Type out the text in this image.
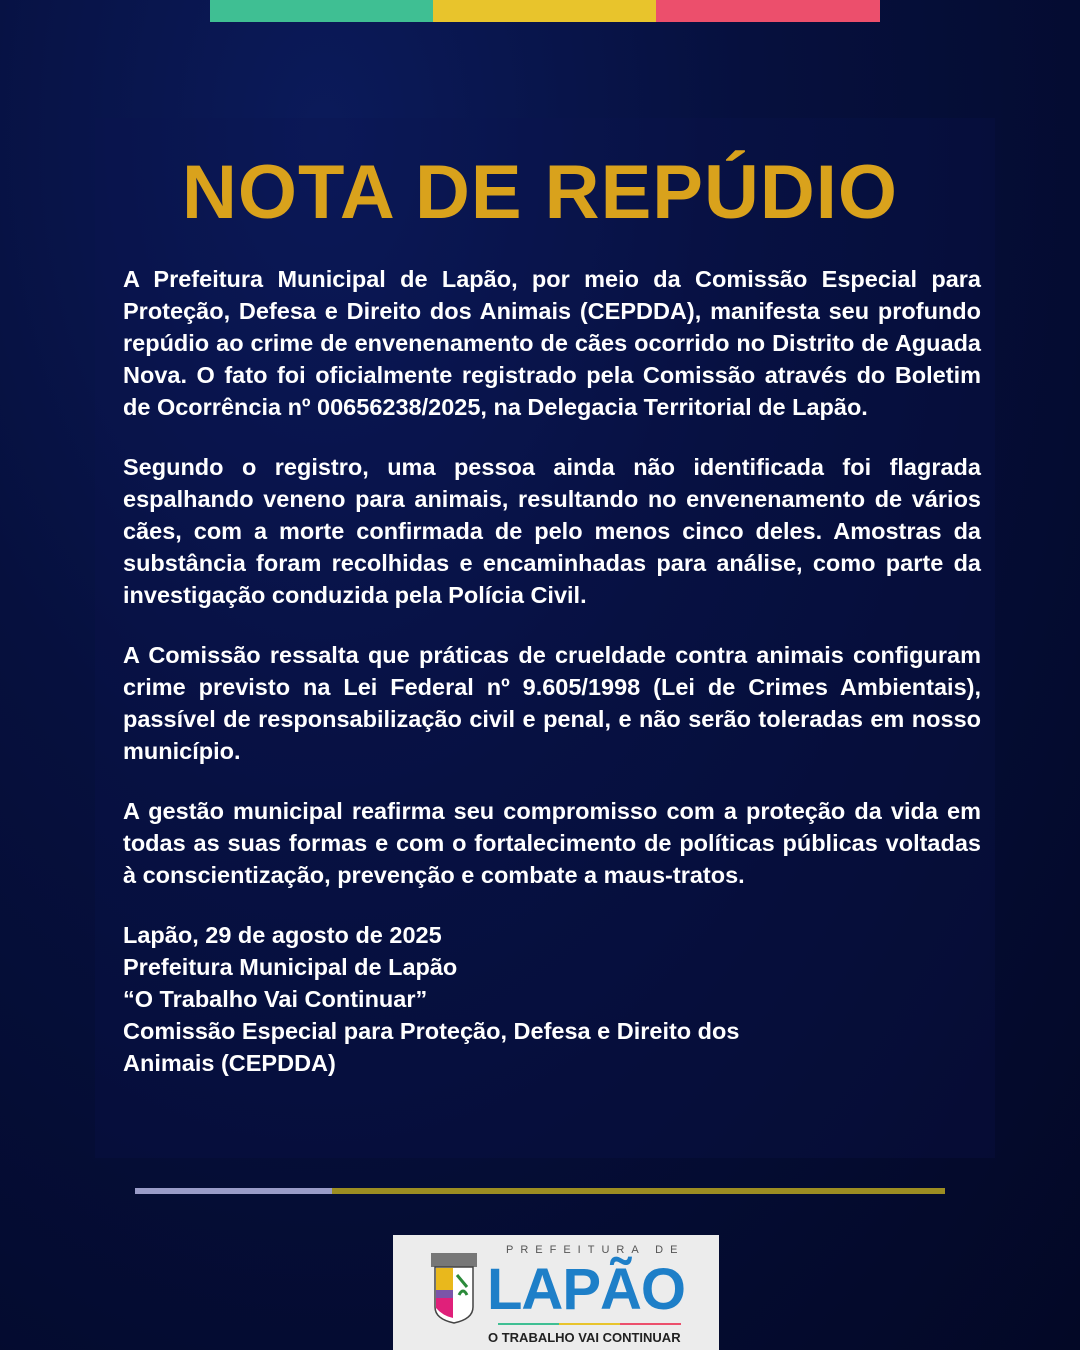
NOTA DE REPÚDIO

A Prefeitura Municipal de Lapão, por meio da Comissão Especial para Proteção, Defesa e Direito dos Animais (CEPDDA), manifesta seu profundo repúdio ao crime de envenenamento de cães ocorrido no Distrito de Aguada Nova. O fato foi oficialmente registrado pela Comissão através do Boletim de Ocorrência nº 00656238/2025, na Delegacia Territorial de Lapão.

Segundo o registro, uma pessoa ainda não identificada foi flagrada espalhando veneno para animais, resultando no envenenamento de vários cães, com a morte confirmada de pelo menos cinco deles. Amostras da substância foram recolhidas e encaminhadas para análise, como parte da investigação conduzida pela Polícia Civil.

A Comissão ressalta que práticas de crueldade contra animais configuram crime previsto na Lei Federal nº 9.605/1998 (Lei de Crimes Ambientais), passível de responsabilização civil e penal, e não serão toleradas em nosso município.

A gestão municipal reafirma seu compromisso com a proteção da vida em todas as suas formas e com o fortalecimento de políticas públicas voltadas à conscientização, prevenção e combate a maus-tratos.

Lapão, 29 de agosto de 2025
Prefeitura Municipal de Lapão
“O Trabalho Vai Continuar”
Comissão Especial para Proteção, Defesa e Direito dos
Animais (CEPDDA)
PREFEITURA DE
LAPÃO
O TRABALHO VAI CONTINUAR
